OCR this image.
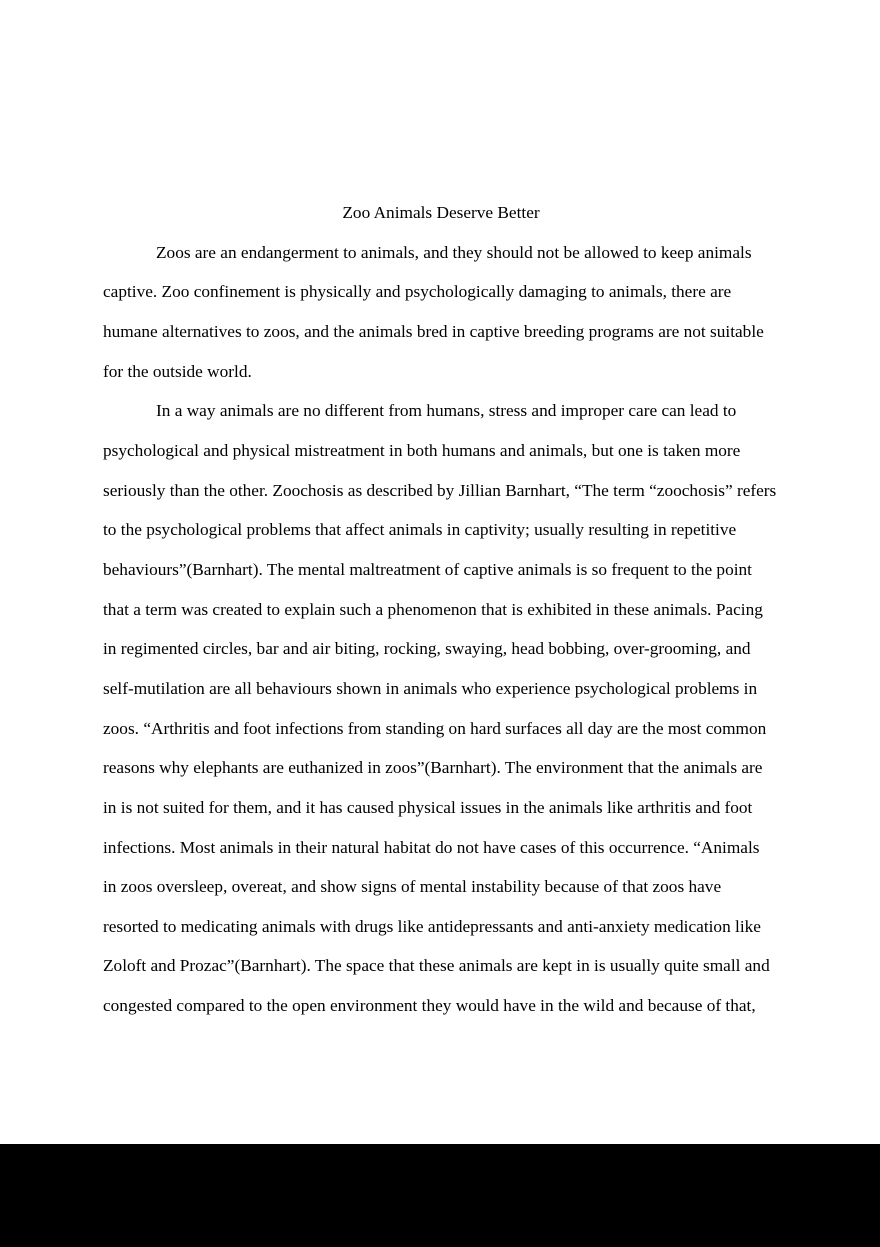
Zoo Animals Deserve Better
Zoos are an endangerment to animals, and they should not be allowed to keep animals
captive. Zoo confinement is physically and psychologically damaging to animals, there are
humane alternatives to zoos, and the animals bred in captive breeding programs are not suitable
for the outside world.
In a way animals are no different from humans, stress and improper care can lead to
psychological and physical mistreatment in both humans and animals, but one is taken more
seriously than the other. Zoochosis as described by Jillian Barnhart, “The term “zoochosis” refers
to the psychological problems that affect animals in captivity; usually resulting in repetitive
behaviours”(Barnhart). The mental maltreatment of captive animals is so frequent to the point
that a term was created to explain such a phenomenon that is exhibited in these animals. Pacing
in regimented circles, bar and air biting, rocking, swaying, head bobbing, over-grooming, and
self-mutilation are all behaviours shown in animals who experience psychological problems in
zoos. “Arthritis and foot infections from standing on hard surfaces all day are the most common
reasons why elephants are euthanized in zoos”(Barnhart). The environment that the animals are
in is not suited for them, and it has caused physical issues in the animals like arthritis and foot
infections. Most animals in their natural habitat do not have cases of this occurrence. “Animals
in zoos oversleep, overeat, and show signs of mental instability because of that zoos have
resorted to medicating animals with drugs like antidepressants and anti-anxiety medication like
Zoloft and Prozac”(Barnhart). The space that these animals are kept in is usually quite small and
congested compared to the open environment they would have in the wild and because of that,
